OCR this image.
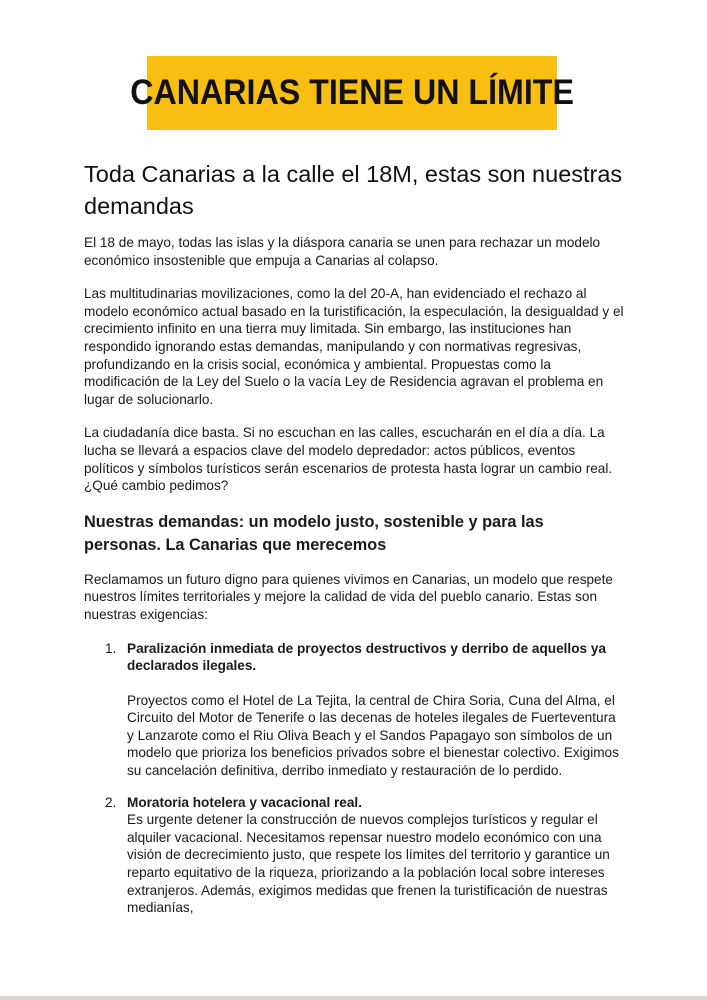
CANARIAS TIENE UN LÍMITE
Toda Canarias a la calle el 18M, estas son nuestras demandas

El 18 de mayo, todas las islas y la diáspora canaria se unen para rechazar un modelo económico insostenible que empuja a Canarias al colapso.

Las multitudinarias movilizaciones, como la del 20-A, han evidenciado el rechazo al modelo económico actual basado en la turistificación, la especulación, la desigualdad y el crecimiento infinito en una tierra muy limitada. Sin embargo, las instituciones han respondido ignorando estas demandas, manipulando y con normativas regresivas, profundizando en la crisis social, económica y ambiental. Propuestas como la modificación de la Ley del Suelo o la vacía Ley de Residencia agravan el problema en lugar de solucionarlo.

La ciudadanía dice basta. Si no escuchan en las calles, escucharán en el día a día. La lucha se llevará a espacios clave del modelo depredador: actos públicos, eventos políticos y símbolos turísticos serán escenarios de protesta hasta lograr un cambio real. ¿Qué cambio pedimos?

Nuestras demandas: un modelo justo, sostenible y para las personas. La Canarias que merecemos

Reclamamos un futuro digno para quienes vivimos en Canarias, un modelo que respete nuestros límites territoriales y mejore la calidad de vida del pueblo canario. Estas son nuestras exigencias:

1. Paralización inmediata de proyectos destructivos y derribo de aquellos ya declarados ilegales.

Proyectos como el Hotel de La Tejita, la central de Chira Soria, Cuna del Alma, el Circuito del Motor de Tenerife o las decenas de hoteles ilegales de Fuerteventura y Lanzarote como el Riu Oliva Beach y el Sandos Papagayo son símbolos de un modelo que prioriza los beneficios privados sobre el bienestar colectivo. Exigimos su cancelación definitiva, derribo inmediato y restauración de lo perdido.

2. Moratoria hotelera y vacacional real.

Es urgente detener la construcción de nuevos complejos turísticos y regular el alquiler vacacional. Necesitamos repensar nuestro modelo económico con una visión de decrecimiento justo, que respete los límites del territorio y garantice un reparto equitativo de la riqueza, priorizando a la población local sobre intereses extranjeros. Además, exigimos medidas que frenen la turistificación de nuestras medianías,
